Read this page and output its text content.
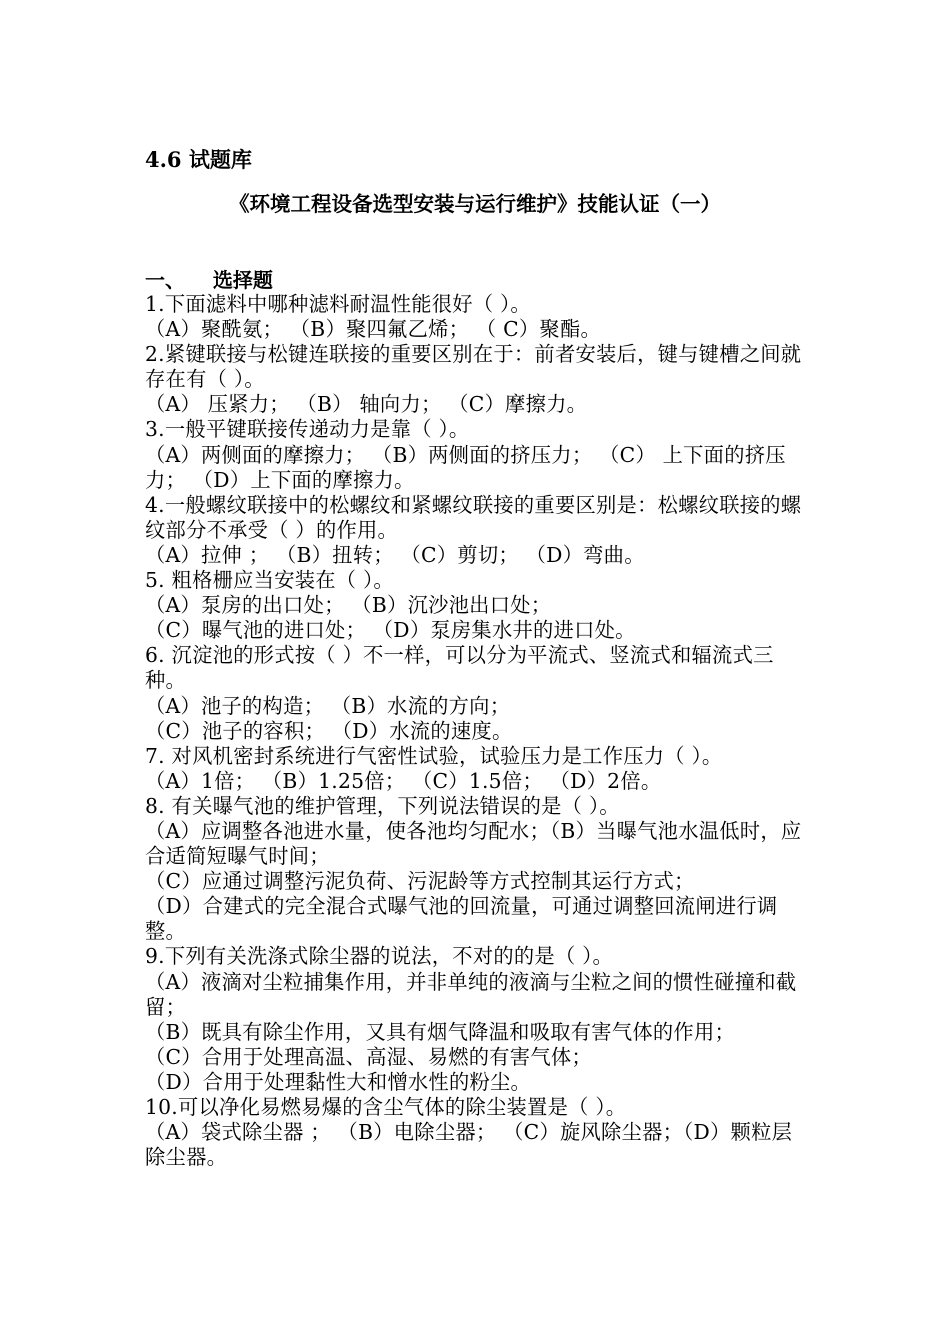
4.6 试题库
《环境工程设备选型安装与运行维护》技能认证（一）
一、    选择题

1.下面滤料中哪种滤料耐温性能很好（ ）。

（A）聚酰氨； （B）聚四氟乙烯； （ C）聚酯。

2.紧键联接与松键连联接的重要区别在于：前者安装后，键与键槽之间就存在有（ ）。

（A） 压紧力； （B） 轴向力； （C）摩擦力。

3.一般平键联接传递动力是靠（ ）。

（A）两侧面的摩擦力； （B）两侧面的挤压力； （C） 上下面的挤压力； （D）上下面的摩擦力。

4.一般螺纹联接中的松螺纹和紧螺纹联接的重要区别是：松螺纹联接的螺纹部分不承受（ ）的作用。

（A）拉伸 ； （B）扭转； （C）剪切； （D）弯曲。

5. 粗格栅应当安装在（ ）。

（A）泵房的出口处； （B）沉沙池出口处；

（C）曝气池的进口处； （D）泵房集水井的进口处。

6. 沉淀池的形式按（ ）不一样，可以分为平流式、竖流式和辐流式三种。

（A）池子的构造； （B）水流的方向；

（C）池子的容积； （D）水流的速度。

7. 对风机密封系统进行气密性试验，试验压力是工作压力（ ）。

（A）1倍； （B）1.25倍； （C）1.5倍； （D）2倍。

8. 有关曝气池的维护管理，下列说法错误的是（ ）。

（A）应调整各池进水量，使各池均匀配水；（B）当曝气池水温低时，应合适简短曝气时间；

（C）应通过调整污泥负荷、污泥龄等方式控制其运行方式；

（D）合建式的完全混合式曝气池的回流量，可通过调整回流闸进行调整。

9.下列有关洗涤式除尘器的说法，不对的的是（ ）。

（A）液滴对尘粒捕集作用，并非单纯的液滴与尘粒之间的惯性碰撞和截留；

（B）既具有除尘作用，又具有烟气降温和吸取有害气体的作用；

（C）合用于处理高温、高湿、易燃的有害气体；

（D）合用于处理黏性大和憎水性的粉尘。

10.可以净化易燃易爆的含尘气体的除尘装置是（ ）。

（A）袋式除尘器 ； （B）电除尘器； （C）旋风除尘器；（D）颗粒层除尘器。
